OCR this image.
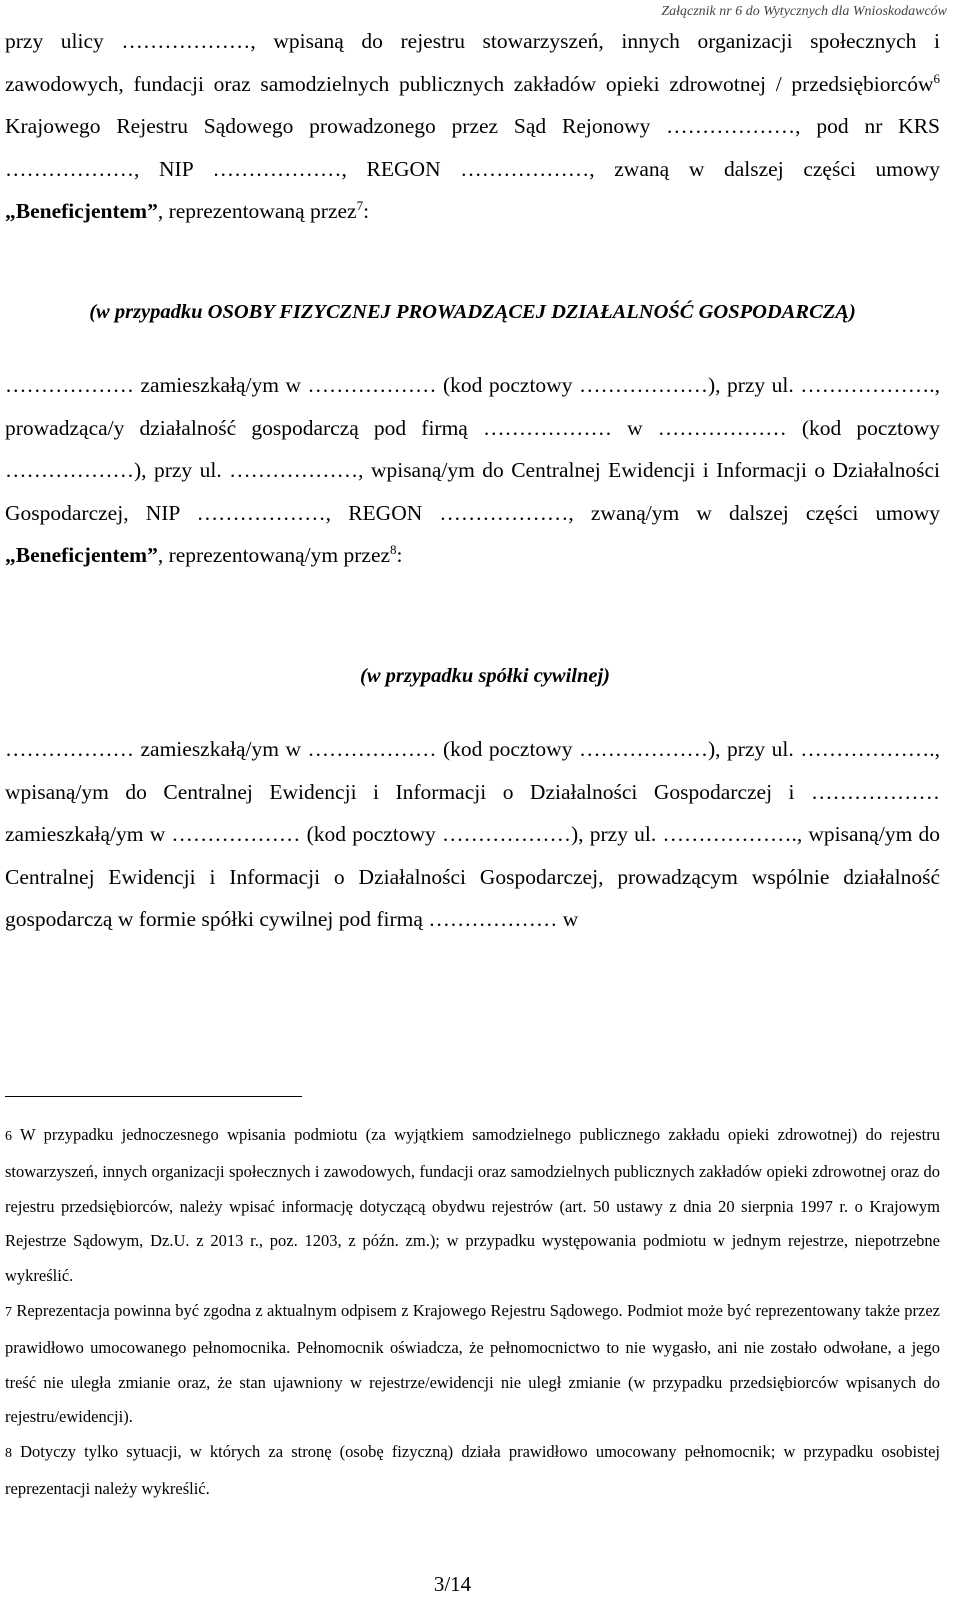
Załącznik nr 6 do Wytycznych dla Wnioskodawców

przy ulicy ………………, wpisaną do rejestru stowarzyszeń, innych organizacji społecznych i zawodowych, fundacji oraz samodzielnych publicznych zakładów opieki zdrowotnej / przedsiębiorców$^6$ Krajowego Rejestru Sądowego prowadzonego przez Sąd Rejonowy ………………, pod nr KRS ………………, NIP ………………, REGON ………………, zwaną w dalszej części umowy „Beneficjentem”, reprezentowaną przez$^7$:

(w przypadku OSOBY FIZYCZNEJ PROWADZĄCEJ DZIAŁALNOŚĆ GOSPODARCZĄ)

……………… zamieszkałą/ym w ……………… (kod pocztowy ………………), przy ul. ………………., prowadząca/y działalność gospodarczą pod firmą ……………… w ……………… (kod pocztowy ………………), przy ul. ………………, wpisaną/ym do Centralnej Ewidencji i Informacji o Działalności Gospodarczej, NIP ………………, REGON ………………, zwaną/ym w dalszej części umowy „Beneficjentem”, reprezentowaną/ym przez$^8$:

(w przypadku spółki cywilnej)

……………… zamieszkałą/ym w ……………… (kod pocztowy ………………), przy ul. ………………., wpisaną/ym do Centralnej Ewidencji i Informacji o Działalności Gospodarczej i ……………… zamieszkałą/ym w ……………… (kod pocztowy ………………), przy ul. ………………., wpisaną/ym do Centralnej Ewidencji i Informacji o Działalności Gospodarczej, prowadzącym wspólnie działalność gospodarczą w formie spółki cywilnej pod firmą ……………… w

6 W przypadku jednoczesnego wpisania podmiotu (za wyjątkiem samodzielnego publicznego zakładu opieki zdrowotnej) do rejestru stowarzyszeń, innych organizacji społecznych i zawodowych, fundacji oraz samodzielnych publicznych zakładów opieki zdrowotnej oraz do rejestru przedsiębiorców, należy wpisać informację dotyczącą obydwu rejestrów (art. 50 ustawy z dnia 20 sierpnia 1997 r. o Krajowym Rejestrze Sądowym, Dz.U. z 2013 r., poz. 1203, z późn. zm.); w przypadku występowania podmiotu w jednym rejestrze, niepotrzebne wykreślić.

7 Reprezentacja powinna być zgodna z aktualnym odpisem z Krajowego Rejestru Sądowego. Podmiot może być reprezentowany także przez prawidłowo umocowanego pełnomocnika. Pełnomocnik oświadcza, że pełnomocnictwo to nie wygasło, ani nie zostało odwołane, a jego treść nie uległa zmianie oraz, że stan ujawniony w rejestrze/ewidencji nie uległ zmianie (w przypadku przedsiębiorców wpisanych do rejestru/ewidencji).

8 Dotyczy tylko sytuacji, w których za stronę (osobę fizyczną) działa prawidłowo umocowany pełnomocnik; w przypadku osobistej reprezentacji należy wykreślić.

3/14
